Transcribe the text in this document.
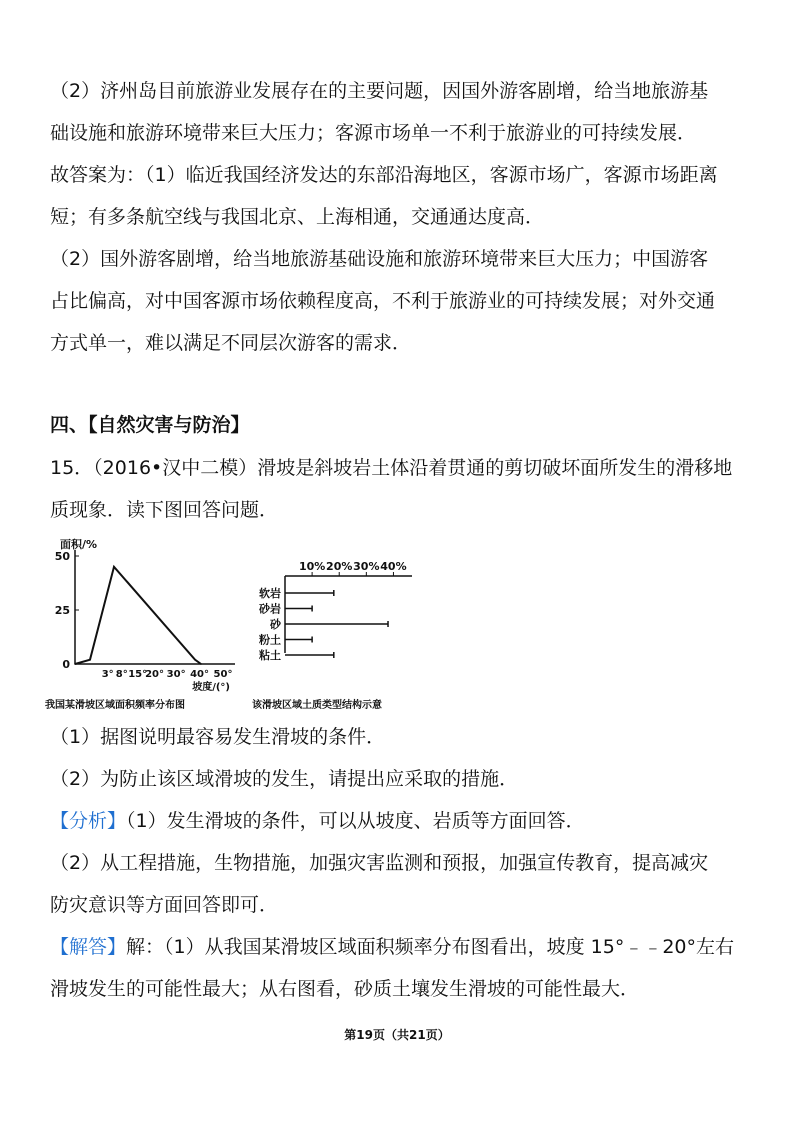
（2）济州岛目前旅游业发展存在的主要问题，因国外游客剧增，给当地旅游基

础设施和旅游环境带来巨大压力；客源市场单一不利于旅游业的可持续发展．

故答案为：（1）临近我国经济发达的东部沿海地区，客源市场广，客源市场距离

短；有多条航空线与我国北京、上海相通，交通通达度高．

（2）国外游客剧增，给当地旅游基础设施和旅游环境带来巨大压力；中国游客

占比偏高，对中国客源市场依赖程度高，不利于旅游业的可持续发展；对外交通

方式单一，难以满足不同层次游客的需求．

四、【自然灾害与防治】

15．（2016•汉中二模）滑坡是斜坡岩土体沿着贯通的剪切破坏面所发生的滑移地

质现象．读下图回答问题．

面积/%
0
25
50
3° 8° 15°
20° 30° 40° 50°
坡度/(°)
我国某滑坡区域面积频率分布图
10% 20% 30% 40%
软岩
砂岩
砂
粉土
粘土
该滑坡区域土质类型结构示意

（1）据图说明最容易发生滑坡的条件．

（2）为防止该区域滑坡的发生，请提出应采取的措施．

【分析】（1）发生滑坡的条件，可以从坡度、岩质等方面回答．

（2）从工程措施，生物措施，加强灾害监测和预报，加强宣传教育，提高减灾

防灾意识等方面回答即可．

【解答】解：（1）从我国某滑坡区域面积频率分布图看出，坡度 15°﹣﹣20°左右

滑坡发生的可能性最大；从右图看，砂质土壤发生滑坡的可能性最大．

第19页（共21页）
